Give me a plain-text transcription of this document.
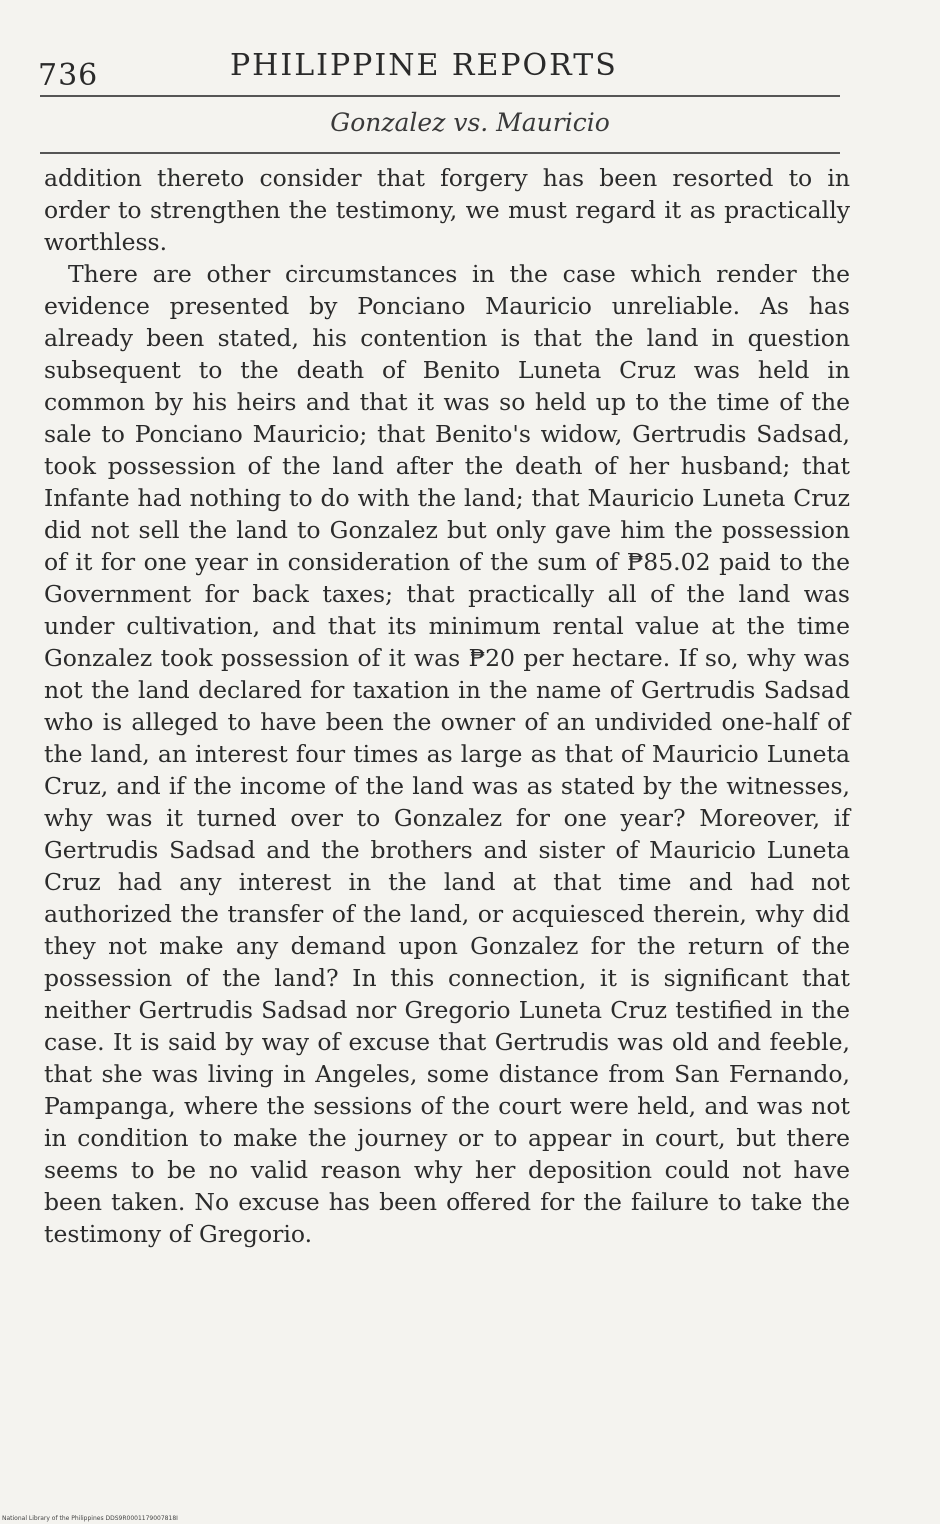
736	PHILIPPINE REPORTS
Gonzalez vs. Mauricio

addition thereto consider that forgery has been resorted to in order to strengthen the testimony, we must regard it as practically worthless.

There are other circumstances in the case which render the evidence presented by Ponciano Mauricio unreliable. As has already been stated, his contention is that the land in question subsequent to the death of Benito Luneta Cruz was held in common by his heirs and that it was so held up to the time of the sale to Ponciano Mauricio; that Benito's widow, Gertrudis Sadsad, took possession of the land after the death of her husband; that Infante had nothing to do with the land; that Mauricio Luneta Cruz did not sell the land to Gonzalez but only gave him the possession of it for one year in consideration of the sum of ₱85.02 paid to the Government for back taxes; that practically all of the land was under cultivation, and that its minimum rental value at the time Gonzalez took possession of it was ₱20 per hectare. If so, why was not the land declared for taxation in the name of Gertrudis Sadsad who is alleged to have been the owner of an undivided one-half of the land, an interest four times as large as that of Mauricio Luneta Cruz, and if the income of the land was as stated by the witnesses, why was it turned over to Gonzalez for one year? Moreover, if Gertrudis Sadsad and the brothers and sister of Mauricio Luneta Cruz had any interest in the land at that time and had not authorized the transfer of the land, or acquiesced therein, why did they not make any demand upon Gonzalez for the return of the possession of the land? In this connection, it is significant that neither Gertrudis Sadsad nor Gregorio Luneta Cruz testified in the case. It is said by way of excuse that Gertrudis was old and feeble, that she was living in Angeles, some distance from San Fernando, Pampanga, where the sessions of the court were held, and was not in condition to make the journey or to appear in court, but there seems to be no valid reason why her deposition could not have been taken. No excuse has been offered for the failure to take the testimony of Gregorio.

National Library of the Philippines DDS9R0001179007818I
